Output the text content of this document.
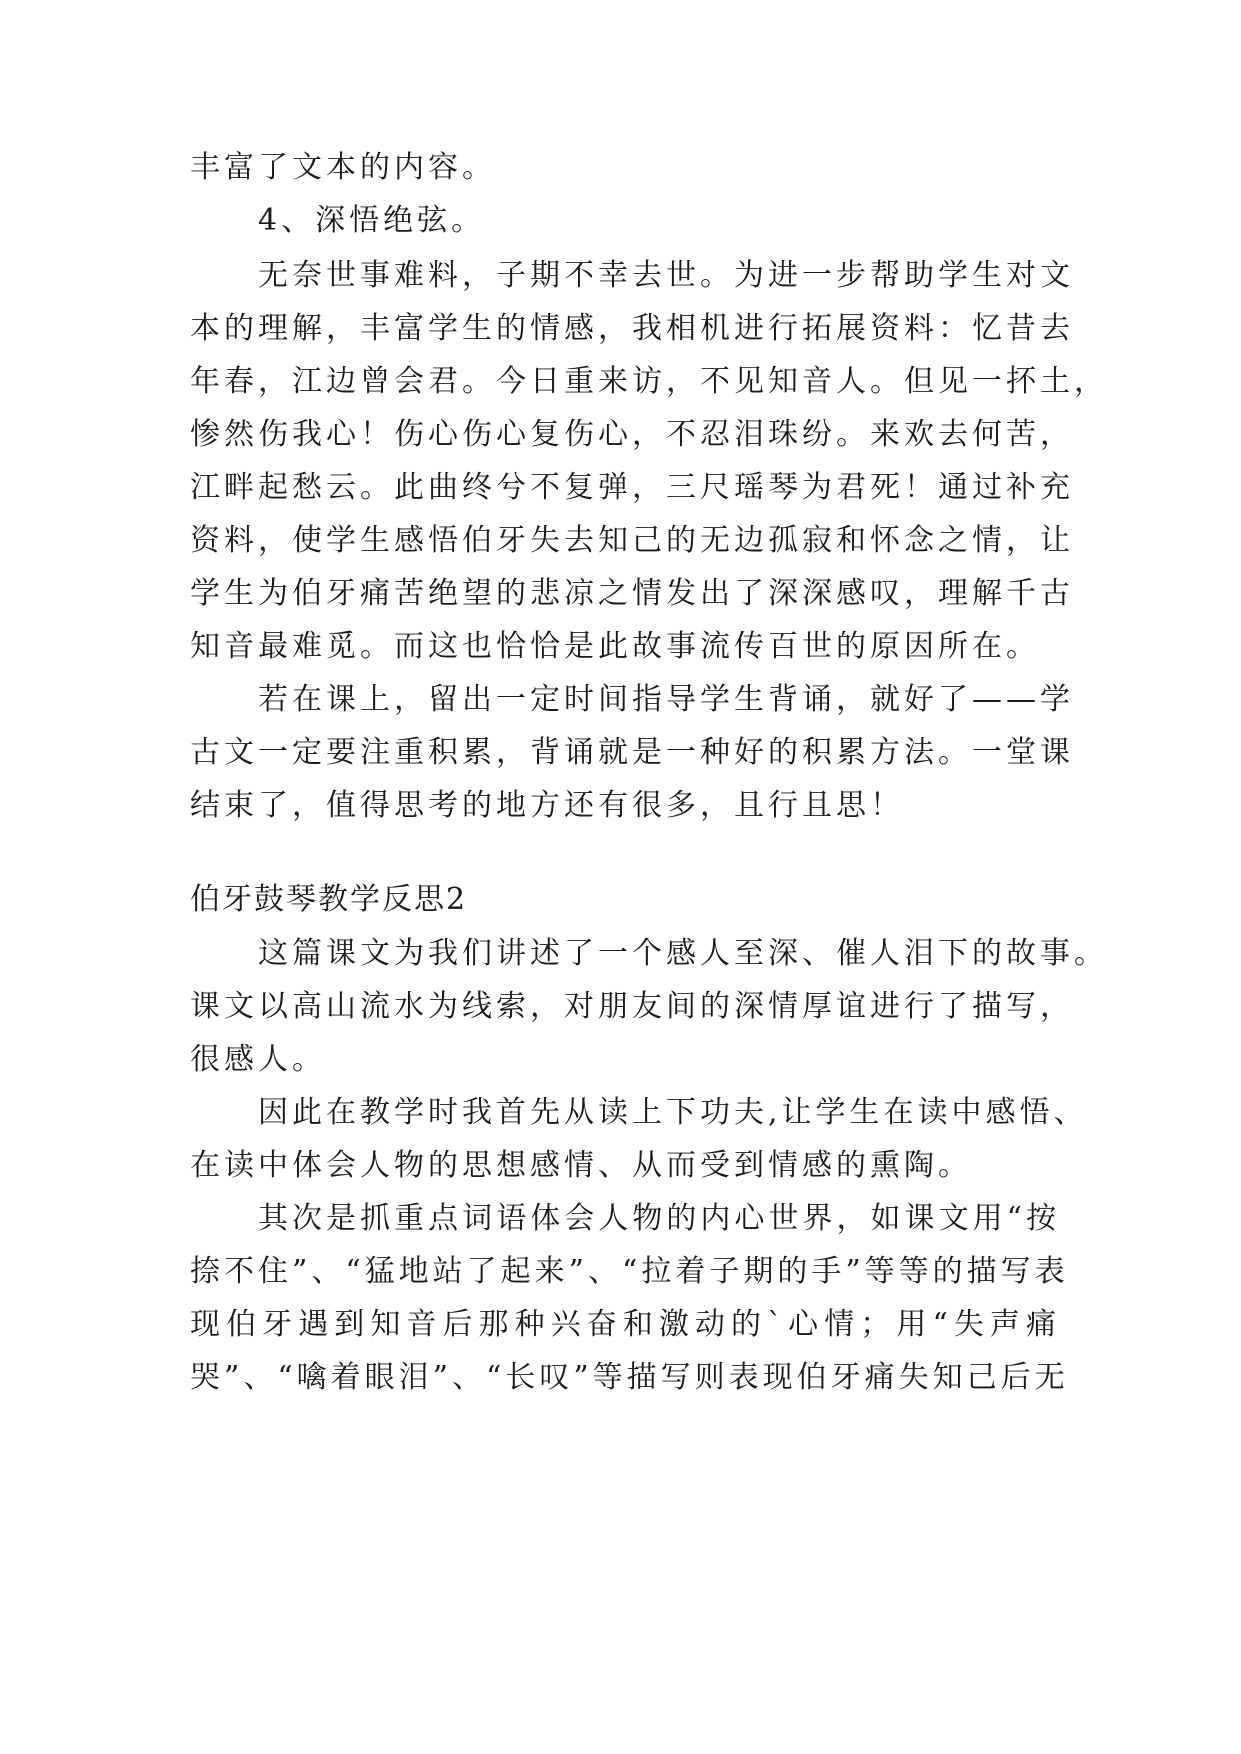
丰富了文本的内容。
4、深悟绝弦。
无奈世事难料，子期不幸去世。为进一步帮助学生对文
本的理解，丰富学生的情感，我相机进行拓展资料：忆昔去
年春，江边曾会君。今日重来访，不见知音人。但见一抔土，
惨然伤我心！伤心伤心复伤心，不忍泪珠纷。来欢去何苦，
江畔起愁云。此曲终兮不复弹，三尺瑶琴为君死！通过补充
资料，使学生感悟伯牙失去知己的无边孤寂和怀念之情，让
学生为伯牙痛苦绝望的悲凉之情发出了深深感叹，理解千古
知音最难觅。而这也恰恰是此故事流传百世的原因所在。
若在课上，留出一定时间指导学生背诵，就好了——学
古文一定要注重积累，背诵就是一种好的积累方法。一堂课
结束了，值得思考的地方还有很多，且行且思！
伯牙鼓琴教学反思2
这篇课文为我们讲述了一个感人至深、催人泪下的故事。
课文以高山流水为线索，对朋友间的深情厚谊进行了描写，
很感人。
因此在教学时我首先从读上下功夫,让学生在读中感悟、
在读中体会人物的思想感情、从而受到情感的熏陶。
其次是抓重点词语体会人物的内心世界，如课文用“按
捺不住”、“猛地站了起来”、“拉着子期的手”等等的描写表
现伯牙遇到知音后那种兴奋和激动的`心情；用“失声痛
哭”、“噙着眼泪”、“长叹”等描写则表现伯牙痛失知己后无
